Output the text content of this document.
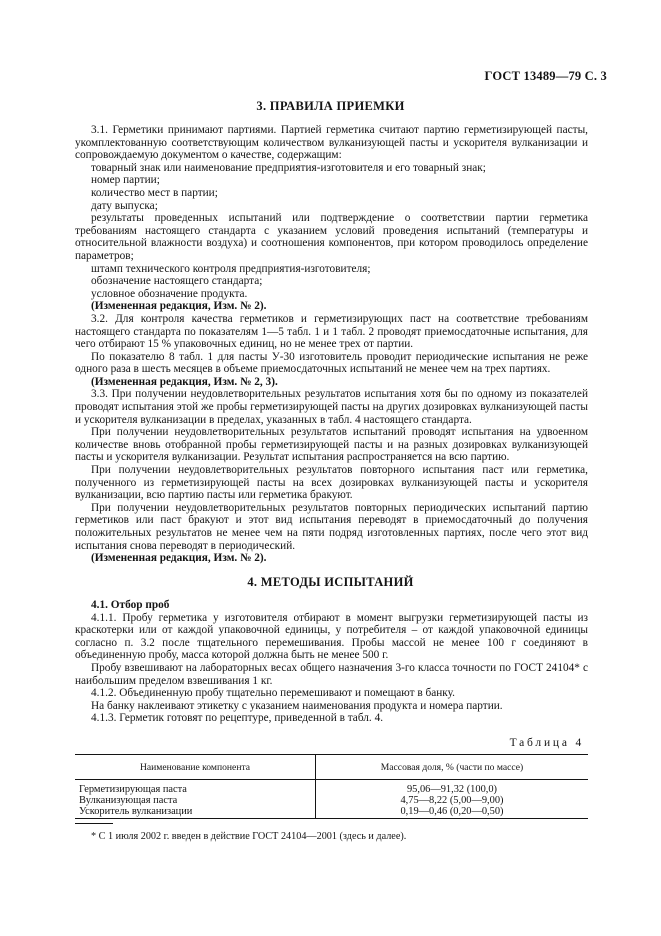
ГОСТ 13489—79 С. 3
3. ПРАВИЛА ПРИЕМКИ

3.1. Герметики принимают партиями. Партией герметика считают партию герметизирующей пасты, укомплектованную соответствующим количеством вулканизующей пасты и ускорителя вулканизации и сопровождаемую документом о качестве, содержащим:

товарный знак или наименование предприятия-изготовителя и его товарный знак;

номер партии;

количество мест в партии;

дату выпуска;

результаты проведенных испытаний или подтверждение о соответствии партии герметика требованиям настоящего стандарта с указанием условий проведения испытаний (температуры и относительной влажности воздуха) и соотношения компонентов, при котором проводилось определение параметров;

штамп технического контроля предприятия-изготовителя;

обозначение настоящего стандарта;

условное обозначение продукта.

(Измененная редакция, Изм. № 2).

3.2. Для контроля качества герметиков и герметизирующих паст на соответствие требованиям настоящего стандарта по показателям 1—5 табл. 1 и 1 табл. 2 проводят приемосдаточные испытания, для чего отбирают 15 % упаковочных единиц, но не менее трех от партии.

По показателю 8 табл. 1 для пасты У-30 изготовитель проводит периодические испытания не реже одного раза в шесть месяцев в объеме приемосдаточных испытаний не менее чем на трех партиях.

(Измененная редакция, Изм. № 2, 3).

3.3. При получении неудовлетворительных результатов испытания хотя бы по одному из показателей проводят испытания этой же пробы герметизирующей пасты на других дозировках вулканизующей пасты и ускорителя вулканизации в пределах, указанных в табл. 4 настоящего стандарта.

При получении неудовлетворительных результатов испытаний проводят испытания на удвоенном количестве вновь отобранной пробы герметизирующей пасты и на разных дозировках вулканизующей пасты и ускорителя вулканизации. Результат испытания распространяется на всю партию.

При получении неудовлетворительных результатов повторного испытания паст или герметика, полученного из герметизирующей пасты на всех дозировках вулканизующей пасты и ускорителя вулканизации, всю партию пасты или герметика бракуют.

При получении неудовлетворительных результатов повторных периодических испытаний партию герметиков или паст бракуют и этот вид испытания переводят в приемосдаточный до получения положительных результатов не менее чем на пяти подряд изготовленных партиях, после чего этот вид испытания снова переводят в периодический.

(Измененная редакция, Изм. № 2).

4. МЕТОДЫ ИСПЫТАНИЙ

4.1. Отбор проб

4.1.1. Пробу герметика у изготовителя отбирают в момент выгрузки герметизирующей пасты из краскотерки или от каждой упаковочной единицы, у потребителя – от каждой упаковочной единицы согласно п. 3.2 после тщательного перемешивания. Пробы массой не менее 100 г соединяют в объединенную пробу, масса которой должна быть не менее 500 г.

Пробу взвешивают на лабораторных весах общего назначения 3-го класса точности по ГОСТ 24104* с наибольшим пределом взвешивания 1 кг.

4.1.2. Объединенную пробу тщательно перемешивают и помещают в банку.

На банку наклеивают этикетку с указанием наименования продукта и номера партии.

4.1.3. Герметик готовят по рецептуре, приведенной в табл. 4.

Таблица 4
Наименование компонента	Массовая доля, % (части по массе)
Герметизирующая паста	95,06—91,32 (100,0)
Вулканизующая паста	4,75—8,22 (5,00—9,00)
Ускоритель вулканизации	0,19—0,46 (0,20—0,50)
* С 1 июля 2002 г. введен в действие ГОСТ 24104—2001 (здесь и далее).
